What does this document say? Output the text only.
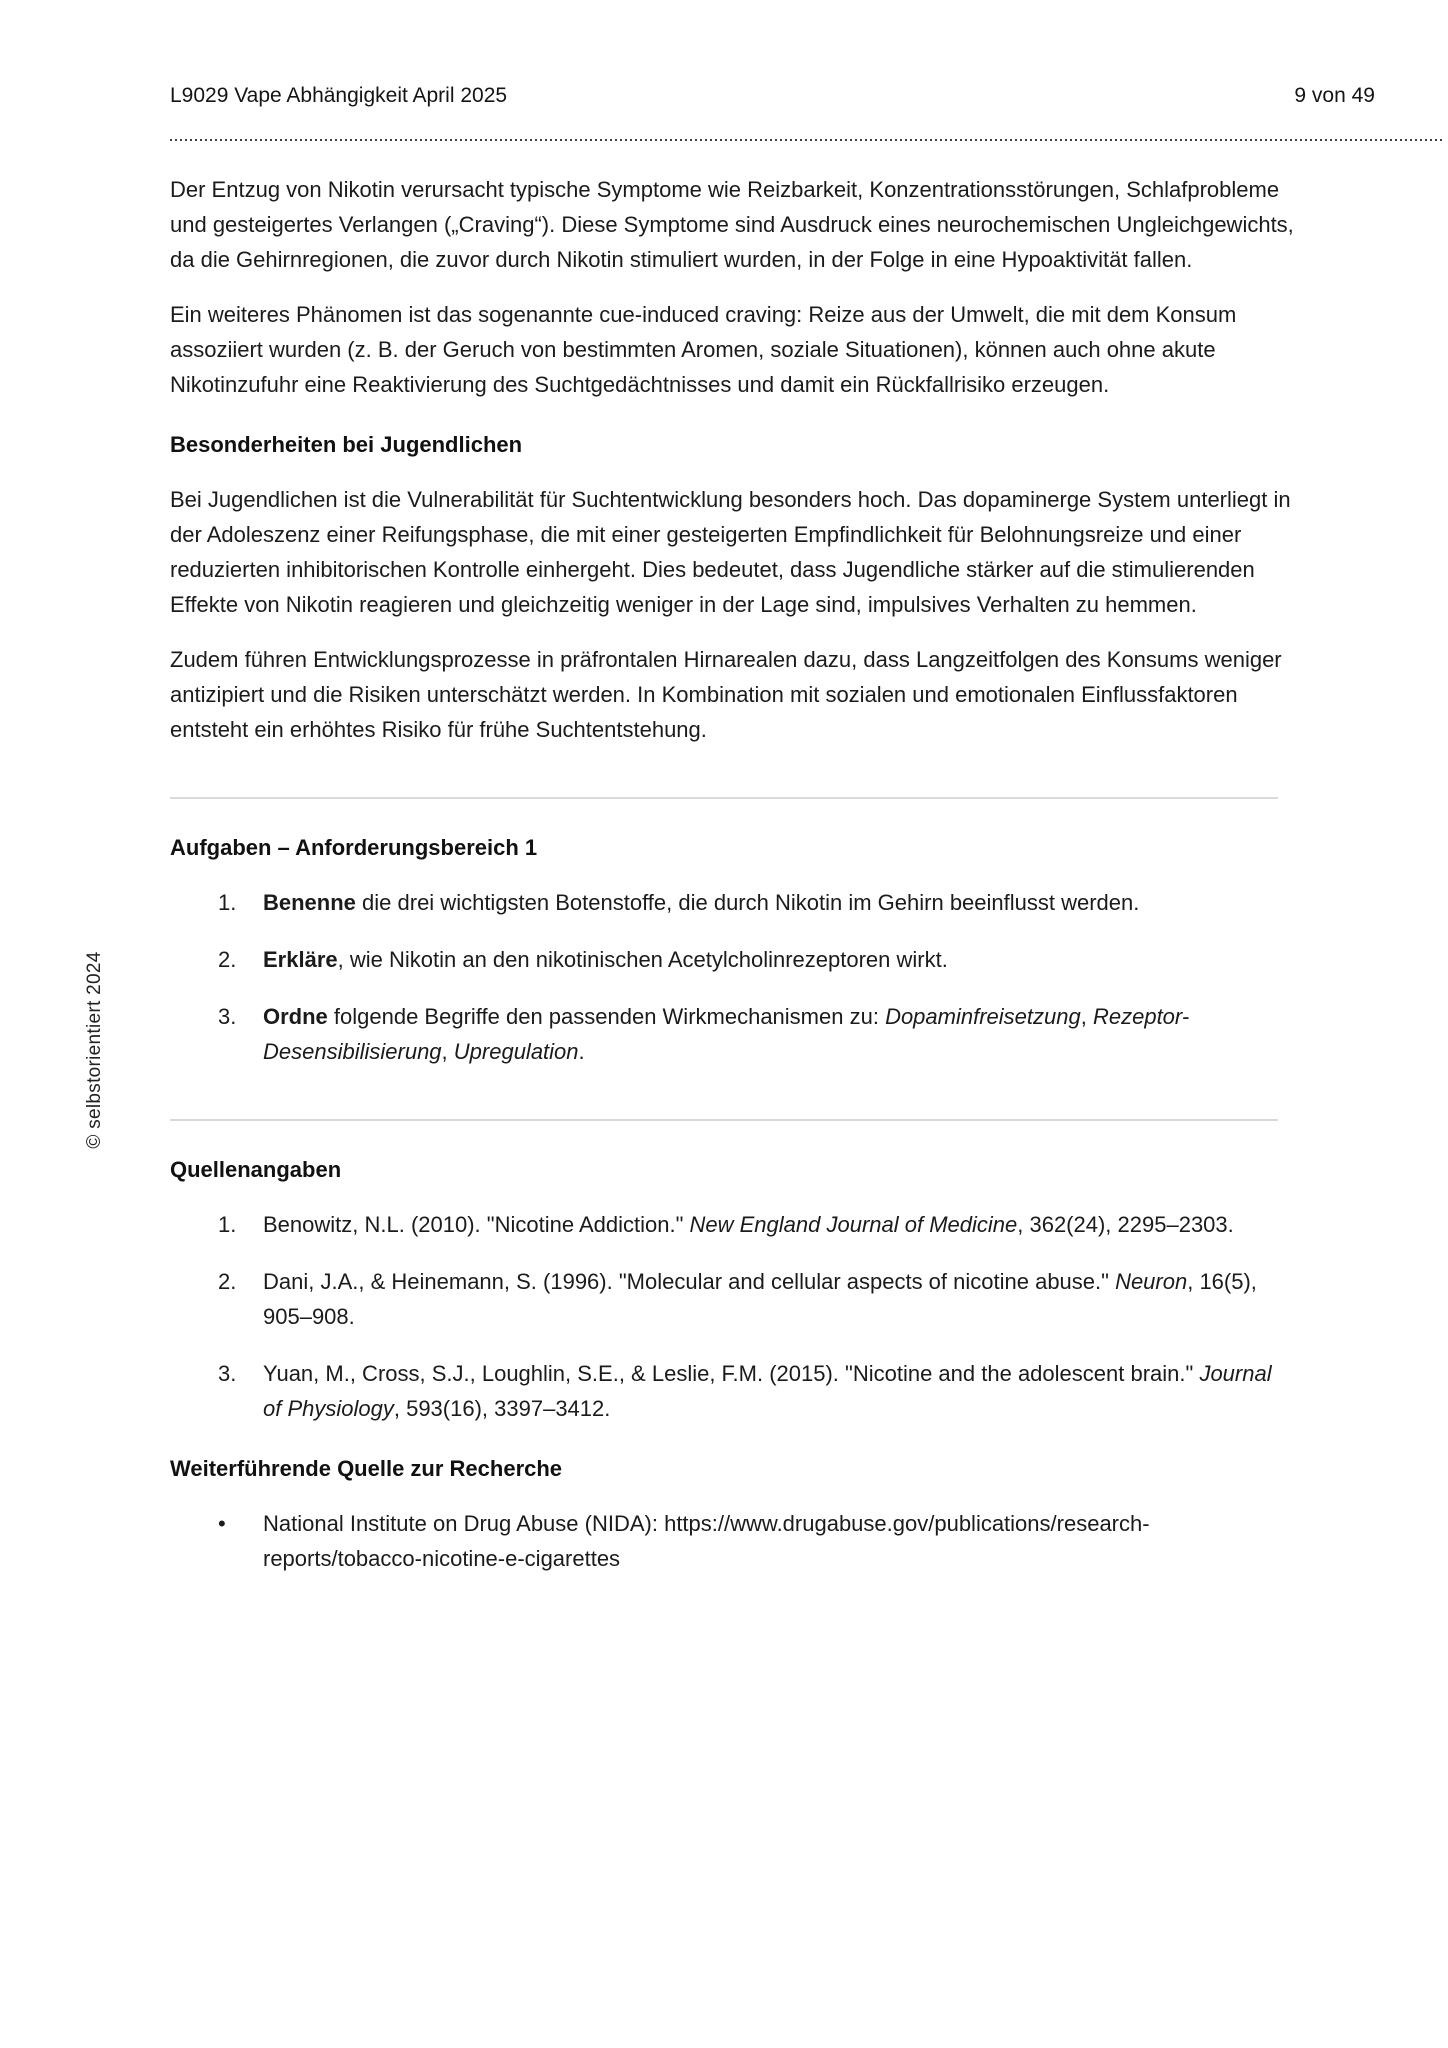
L9029 Vape Abhängigkeit April 2025	9 von 49
© selbstorientiert 2024
Der Entzug von Nikotin verursacht typische Symptome wie Reizbarkeit, Konzentrationsstörungen, Schlafprobleme und gesteigertes Verlangen („Craving“). Diese Symptome sind Ausdruck eines neurochemischen Ungleichgewichts, da die Gehirnregionen, die zuvor durch Nikotin stimuliert wurden, in der Folge in eine Hypoaktivität fallen.
Ein weiteres Phänomen ist das sogenannte cue-induced craving: Reize aus der Umwelt, die mit dem Konsum assoziiert wurden (z. B. der Geruch von bestimmten Aromen, soziale Situationen), können auch ohne akute Nikotinzufuhr eine Reaktivierung des Suchtgedächtnisses und damit ein Rückfallrisiko erzeugen.
Besonderheiten bei Jugendlichen
Bei Jugendlichen ist die Vulnerabilität für Suchtentwicklung besonders hoch. Das dopaminerge System unterliegt in der Adoleszenz einer Reifungsphase, die mit einer gesteigerten Empfindlichkeit für Belohnungsreize und einer reduzierten inhibitorischen Kontrolle einhergeht. Dies bedeutet, dass Jugendliche stärker auf die stimulierenden Effekte von Nikotin reagieren und gleichzeitig weniger in der Lage sind, impulsives Verhalten zu hemmen.
Zudem führen Entwicklungsprozesse in präfrontalen Hirnarealen dazu, dass Langzeitfolgen des Konsums weniger antizipiert und die Risiken unterschätzt werden. In Kombination mit sozialen und emotionalen Einflussfaktoren entsteht ein erhöhtes Risiko für frühe Suchtentstehung.
Aufgaben – Anforderungsbereich 1
1. Benenne die drei wichtigsten Botenstoffe, die durch Nikotin im Gehirn beeinflusst werden.
2. Erkläre, wie Nikotin an den nikotinischen Acetylcholinrezeptoren wirkt.
3. Ordne folgende Begriffe den passenden Wirkmechanismen zu: Dopaminfreisetzung, Rezeptor-Desensibilisierung, Upregulation.
Quellenangaben
1. Benowitz, N.L. (2010). "Nicotine Addiction." New England Journal of Medicine, 362(24), 2295–2303.
2. Dani, J.A., & Heinemann, S. (1996). "Molecular and cellular aspects of nicotine abuse." Neuron, 16(5), 905–908.
3. Yuan, M., Cross, S.J., Loughlin, S.E., & Leslie, F.M. (2015). "Nicotine and the adolescent brain." Journal of Physiology, 593(16), 3397–3412.
Weiterführende Quelle zur Recherche
• National Institute on Drug Abuse (NIDA): https://www.drugabuse.gov/publications/research-reports/tobacco-nicotine-e-cigarettes
